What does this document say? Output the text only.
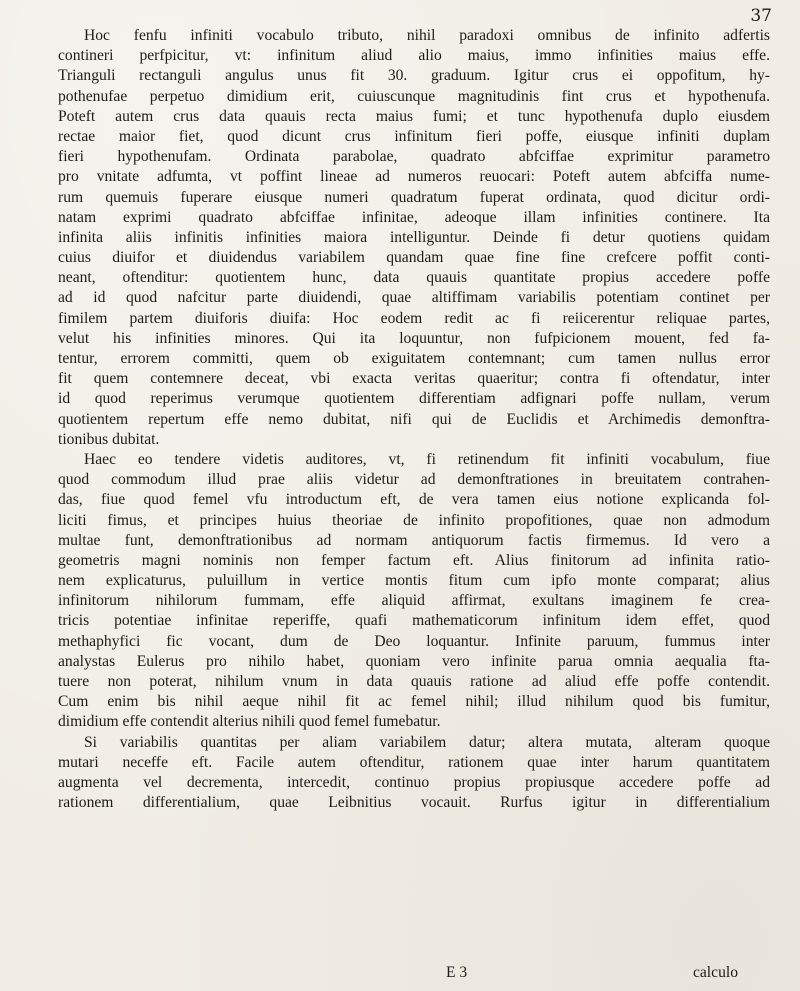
37
Hoc fenfu infiniti vocabulo tributo, nihil paradoxi omnibus de infinito adfertis
contineri perfpicitur, vt: infinitum aliud alio maius, immo infinities maius effe.
Trianguli rectanguli angulus unus fit 30. graduum. Igitur crus ei oppofitum, hy-
pothenufae perpetuo dimidium erit, cuiuscunque magnitudinis fint crus et hypothenufa.
Poteft autem crus data quauis recta maius fumi; et tunc hypothenufa duplo eiusdem
rectae maior fiet, quod dicunt crus infinitum fieri poffe, eiusque infiniti duplam
fieri hypothenufam. Ordinata parabolae, quadrato abfciffae exprimitur parametro
pro vnitate adfumta, vt poffint lineae ad numeros reuocari: Poteft autem abfciffa nume-
rum quemuis fuperare eiusque numeri quadratum fuperat ordinata, quod dicitur ordi-
natam exprimi quadrato abfciffae infinitae, adeoque illam infinities continere. Ita
infinita aliis infinitis infinities maiora intelliguntur. Deinde fi detur quotiens quidam
cuius diuifor et diuidendus variabilem quandam quae fine fine crefcere poffit conti-
neant, oftenditur: quotientem hunc, data quauis quantitate propius accedere poffe
ad id quod nafcitur parte diuidendi, quae altiffimam variabilis potentiam continet per
fimilem partem diuiforis diuifa: Hoc eodem redit ac fi reiicerentur reliquae partes,
velut his infinities minores. Qui ita loquuntur, non fufpicionem mouent, fed fa-
tentur, errorem committi, quem ob exiguitatem contemnant; cum tamen nullus error
fit quem contemnere deceat, vbi exacta veritas quaeritur; contra fi oftendatur, inter
id quod reperimus verumque quotientem differentiam adfignari poffe nullam, verum
quotientem repertum effe nemo dubitat, nifi qui de Euclidis et Archimedis demonftra-
tionibus dubitat.
Haec eo tendere videtis auditores, vt, fi retinendum fit infiniti vocabulum, fiue
quod commodum illud prae aliis videtur ad demonftrationes in breuitatem contrahen-
das, fiue quod femel vfu introductum eft, de vera tamen eius notione explicanda fol-
liciti fimus, et principes huius theoriae de infinito propofitiones, quae non admodum
multae funt, demonftrationibus ad normam antiquorum factis firmemus. Id vero a
geometris magni nominis non femper factum eft. Alius finitorum ad infinita ratio-
nem explicaturus, puluillum in vertice montis fitum cum ipfo monte comparat; alius
infinitorum nihilorum fummam, effe aliquid affirmat, exultans imaginem fe crea-
tricis potentiae infinitae reperiffe, quafi mathematicorum infinitum idem effet, quod
methaphyfici fic vocant, dum de Deo loquantur. Infinite paruum, fummus inter
analystas Eulerus pro nihilo habet, quoniam vero infinite parua omnia aequalia fta-
tuere non poterat, nihilum vnum in data quauis ratione ad aliud effe poffe contendit.
Cum enim bis nihil aeque nihil fit ac femel nihil; illud nihilum quod bis fumitur,
dimidium effe contendit alterius nihili quod femel fumebatur.
Si variabilis quantitas per aliam variabilem datur; altera mutata, alteram quoque
mutari neceffe eft. Facile autem oftenditur, rationem quae inter harum quantitatem
augmenta vel decrementa, intercedit, continuo propius propiusque accedere poffe ad
rationem differentialium, quae Leibnitius vocauit. Rurfus igitur in differentialium
E 3	calculo
